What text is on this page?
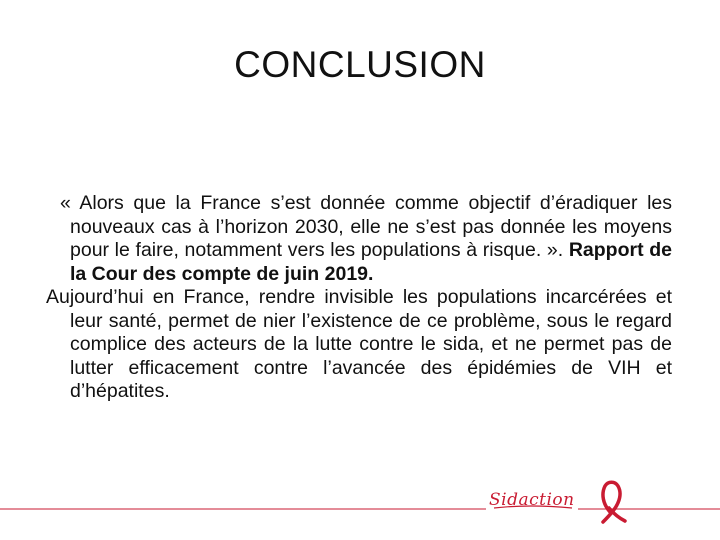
CONCLUSION

« Alors que la France s’est donnée comme objectif d’éradiquer les nouveaux cas à l’horizon 2030, elle ne s’est pas donnée les moyens pour le faire, notamment vers les populations à risque. ». Rapport de la Cour des compte de juin 2019.

Aujourd’hui en France, rendre invisible les populations incarcérées et leur santé, permet de nier l’existence de ce problème, sous le regard complice des acteurs de la lutte contre le sida, et ne permet pas de lutter efficacement contre l’avancée des épidémies de VIH et d’hépatites.

Sidaction
